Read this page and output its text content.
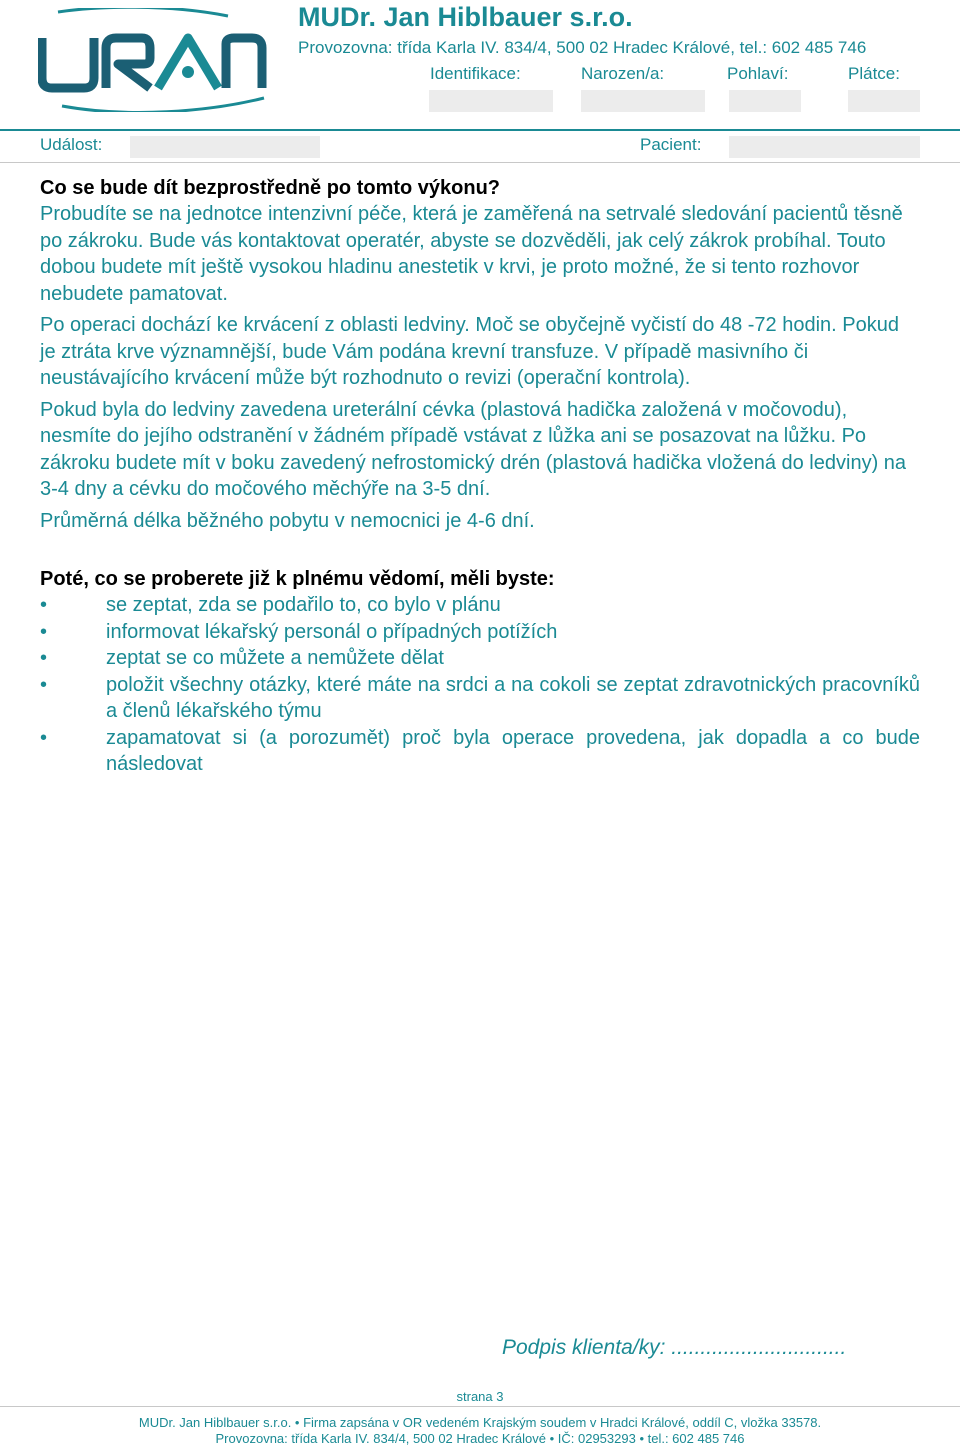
URAN	MUDr. Jan Hiblbauer s.r.o.
Provozovna: třída Karla IV. 834/4, 500 02 Hradec Králové, tel.: 602 485 746
Identifikace:	Narozen/a:	Pohlaví:	Plátce:
Událost:	Pacient:

Co se bude dít bezprostředně po tomto výkonu?

Probudíte se na jednotce intenzivní péče, která je zaměřená na setrvalé sledování pacientů těsně po zákroku. Bude vás kontaktovat operatér, abyste se dozvěděli, jak celý zákrok probíhal. Touto dobou budete mít ještě vysokou hladinu anestetik v krvi, je proto možné, že si tento rozhovor nebudete pamatovat.

Po operaci dochází ke krvácení z oblasti ledviny. Moč se obyčejně vyčistí do 48 -72 hodin. Pokud je ztráta krve významnější, bude Vám podána krevní transfuze. V případě masivního či neustávajícího krvácení může být rozhodnuto o revizi (operační kontrola).

Pokud byla do ledviny zavedena ureterální cévka (plastová hadička založená v močovodu), nesmíte do jejího odstranění v žádném případě vstávat z lůžka ani se posazovat na lůžku. Po zákroku budete mít v boku zavedený nefrostomický drén (plastová hadička vložená do ledviny) na 3-4 dny a cévku do močového měchýře na 3-5 dní.

Průměrná délka běžného pobytu v nemocnici je 4-6 dní.

Poté, co se proberete již k plnému vědomí, měli byste:

•	se zeptat, zda se podařilo to, co bylo v plánu
•	informovat lékařský personál o případných potížích
•	zeptat se co můžete a nemůžete dělat
•	položit všechny otázky, které máte na srdci a na cokoli se zeptat zdravotnických pracovníků a členů lékařského týmu
•	zapamatovat si (a porozumět) proč byla operace provedena, jak dopadla a co bude následovat
Podpis klienta/ky: ..............................
strana 3
MUDr. Jan Hiblbauer s.r.o. • Firma zapsána v OR vedeném Krajským soudem v Hradci Králové, oddíl C, vložka 33578.
Provozovna: třída Karla IV. 834/4, 500 02 Hradec Králové • IČ: 02953293 • tel.: 602 485 746
